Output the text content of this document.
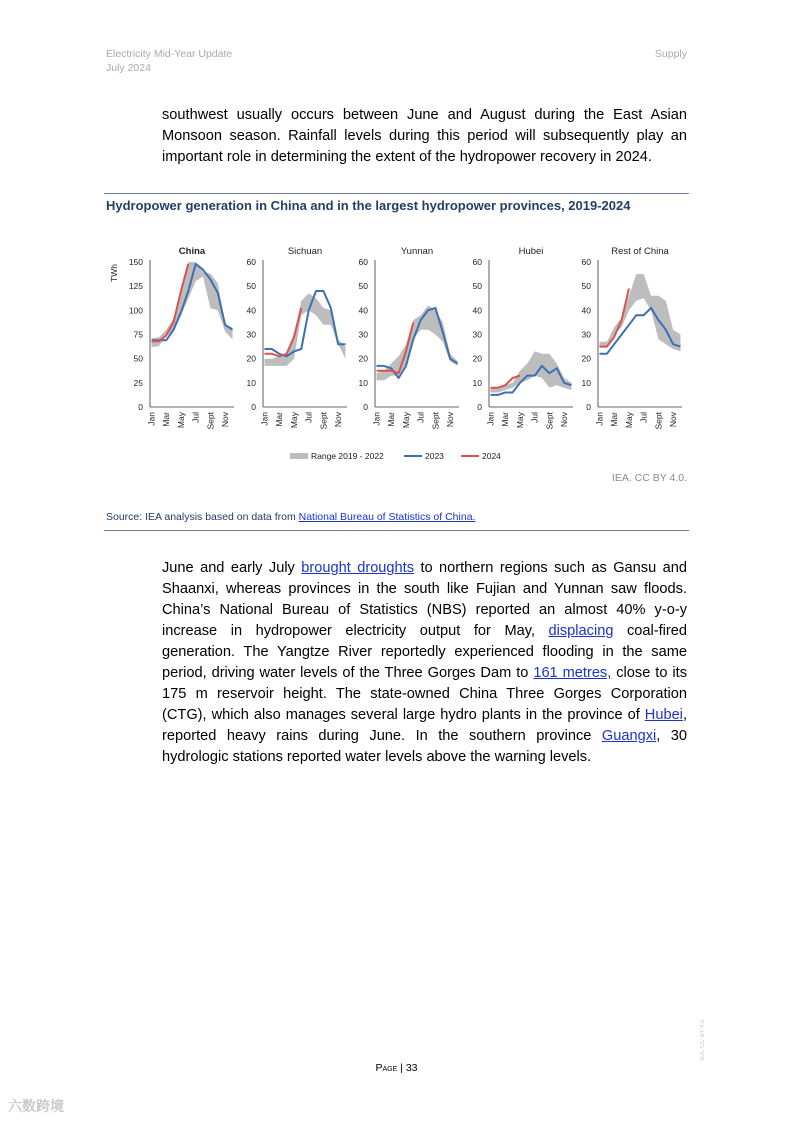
Electricity Mid-Year Update
July 2024
Supply

southwest usually occurs between June and August during the East Asian Monsoon season. Rainfall levels during this period will subsequently play an important role in determining the extent of the hydropower recovery in 2024.

Hydropower generation in China and in the largest hydropower provinces, 2019-2024
China
0
25
50
75
100
125
150
Jan Mar May Jul Sept Nov
Sichuan
0
10
20
30
40
50
60
Jan Mar May Jul Sept Nov
Yunnan
0
10
20
30
40
50
60
Jan Mar May Jul Sept Nov
Hubei
0
10
20
30
40
50
60
Jan Mar May Jul Sept Nov
Rest of China
0
10
20
30
40
50
60
Jan Mar May Jul Sept Nov
TWh
Range 2019 - 2022	2023	2024
IEA. CC BY 4.0.
Source: IEA analysis based on data from National Bureau of Statistics of China.

June and early July brought droughts to northern regions such as Gansu and Shaanxi, whereas provinces in the south like Fujian and Yunnan saw floods. China’s National Bureau of Statistics (NBS) reported an almost 40% y-o-y increase in hydropower electricity output for May, displacing coal-fired generation. The Yangtze River reportedly experienced flooding in the same period, driving water levels of the Three Gorges Dam to 161 metres, close to its 175 m reservoir height. The state-owned China Three Gorges Corporation (CTG), which also manages several large hydro plants in the province of Hubei, reported heavy rains during June. In the southern province Guangxi, 30 hydrologic stations reported water levels above the warning levels.

Page | 33
IEA. CC BY 4.0.
六数跨境
